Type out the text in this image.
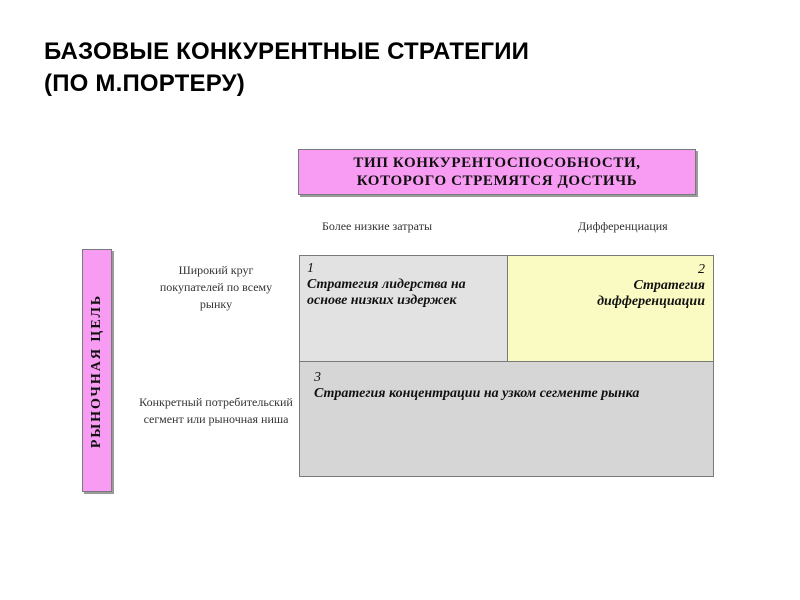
БАЗОВЫЕ КОНКУРЕНТНЫЕ СТРАТЕГИИ
(ПО М.ПОРТЕРУ)
ТИП КОНКУРЕНТОСПОСОБНОСТИ,
КОТОРОГО СТРЕМЯТСЯ ДОСТИЧЬ
Более низкие затраты	Дифференциация
РЫНОЧНАЯ ЦЕЛЬ
Широкий круг покупателей по всему рынку
Конкретный потребительский сегмент или рыночная ниша
2
Стратегия
дифференциации
1
Стратегия лидерства на
основе низких издержек
3
Стратегия концентрации на узком сегменте рынка
